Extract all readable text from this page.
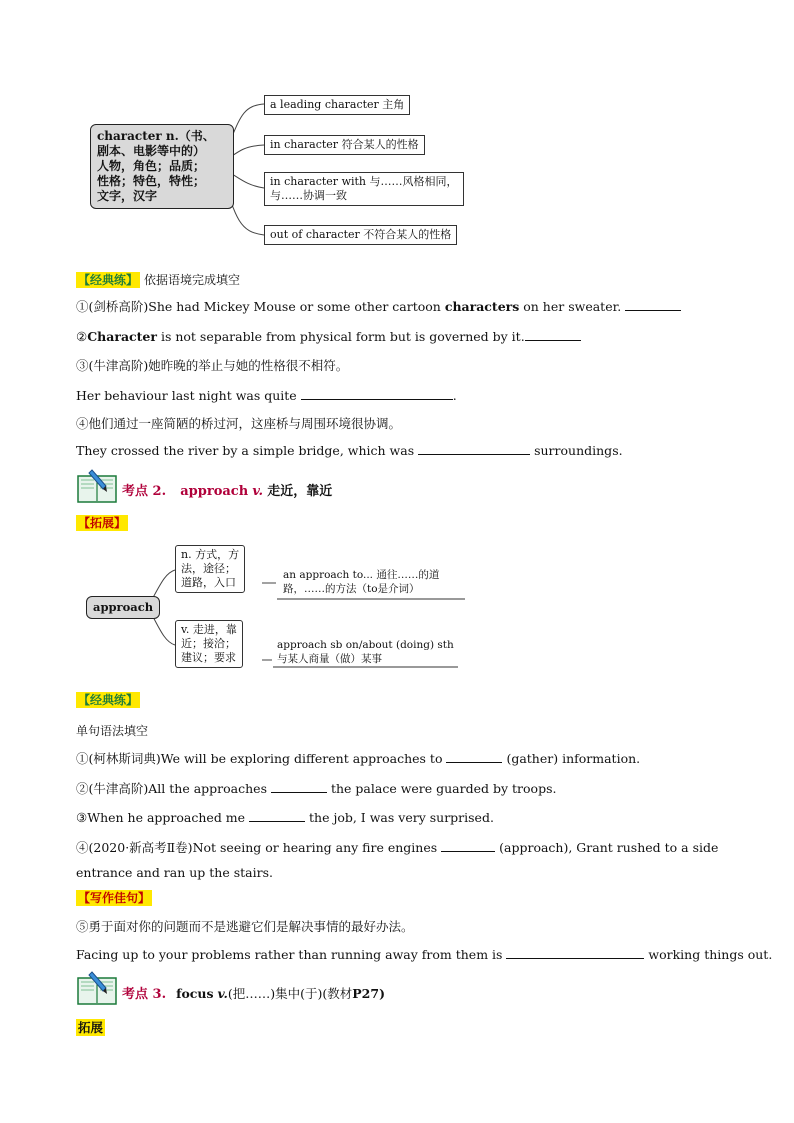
character n.（书、
剧本、电影等中的）
人物，角色；品质；
性格；特色，特性；
文字，汉字
a leading character 主角
in character 符合某人的性格
in character with 与……风格相同，
与……协调一致
out of character 不符合某人的性格
【经典练】 依据语境完成填空
①(剑桥高阶)She had Mickey Mouse or some other cartoon characters on her sweater.
②Character is not separable from physical form but is governed by it.
③(牛津高阶)她昨晚的举止与她的性格很不相符。
Her behaviour last night was quite	.
④他们通过一座简陋的桥过河，这座桥与周围环境很协调。
They crossed the river by a simple bridge, which was	surroundings.
考点 2. approach v. 走近，靠近
【拓展】
approach
n. 方式，方
法，途径；
道路，入口
an approach to... 通往……的道
路，……的方法（to是介词）
v. 走进，靠
近；接洽；
建议；要求
approach sb on/about (doing) sth
与某人商量（做）某事
【经典练】
单句语法填空
①(柯林斯词典)We will be exploring different approaches to	(gather) information.
②(牛津高阶)All the approaches	the palace were guarded by troops.
③When he approached me	the job, I was very surprised.
④(2020·新高考Ⅱ卷)Not seeing or hearing any fire engines	(approach), Grant rushed to a side
entrance and ran up the stairs.
【写作佳句】
⑤勇于面对你的问题而不是逃避它们是解决事情的最好办法。
Facing up to your problems rather than running away from them is	working things out.
考点 3. focus v.(把……)集中(于)(教材P27)
拓展
